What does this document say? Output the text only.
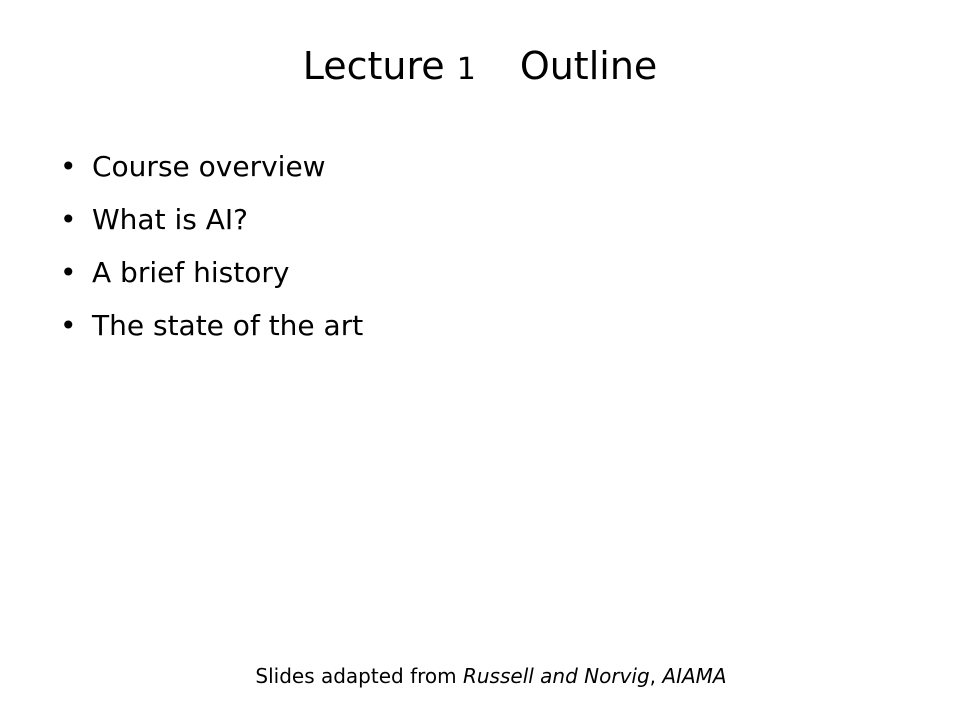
Lecture 1 Outline
• Course overview
• What is AI?
• A brief history
• The state of the art
Slides adapted from Russell and Norvig, AIAMA
